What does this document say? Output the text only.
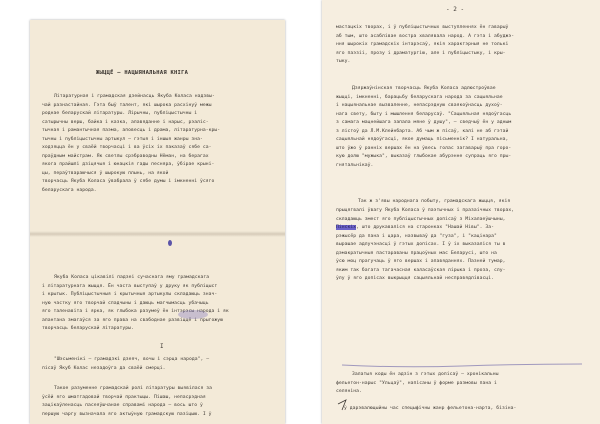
ЖЫЦЦЁ — НАЦЫЯНАЛЬНАЯ КНІГА
Літаратурная і грамадская дзейнасць Якуба Коласа надзвы-
чай разнастайная. Гэта быў талент, які шырока расхінуў межы
роднае беларускай літаратуры. Лірычны, публіцыстычны і
сатырычны верш, байка і казка, апавяданне і нарыс, рэаліс-
тычная і рамантычная паэма, аповесць і драма, літаратурна-кры-
тычны і публіцыстычны артыкул — гэтыя і іншыя жанры зна-
ходзяцца ён у сваёй творчасці і ва ўсіх іх паказаў сябе са-
праўдным майстрам. Як светлы срэбраводны Нёман, на берагах
якога прайшлі дзіцячыя і юнацкія гады песняра, ўбірае крыні-
цы, пераўтвараючыся ў шырокую плынь, на якой
творчасць Якуба Коласа ўвабрала ў сябе думы і імкненні ўсяго
беларускага народа.
Якуба Коласа цікавілі падзеі сучаснага яму грамадскага
і літаратурнага жыцця. Ён часта выступаў у друку як публіцыст
і крытык. Публіцыстычныя і крытычныя артыкулы складаюць знач-
ную частку яго творчай спадчыны і даюць магчымасць убачыць
яго таленавіта і ярка, як глыбока разумеў ён інтэрэсы народа і як
апантана змагаўся за яго права на свабоднае развіццё і прыгожую
творчасць беларускай літаратуры.
I
"Шэсьменікі — грамадзкі дзеяч, вочы і сэрца народа", —
пісаў Якуб Колас незадоўга да сваёй смерці.
Такое разуменне грамадскай ролі літаратуры выявілася за
ўсёй яго шматгадовай творчай практыцы. Пішаш, непасрэдная
зацікаўленасць пасеяўшчанае справамі народа — вось што ў
першую чаргу вызначала яго актыўную грамадскую пазіцыю. І ў
- 2 -
мастацкіх творах, і ў публіцыстычных выступленнях ён гаварыў
аб тым, што асаблівае востра хвалявала народ. А гэта і абуджэ-
ння шырокіх грамадскіх інтарэсаў, якія характэрныя не толькі
яго паэзіі, прозу і драматургію, але і публіцыстыку, і кры-
тыку.
Дзяржаўнінская творчасць Якуба Коласа адлюстроўвае
жыцці, імкненні, барацьбу беларускага народа за сацыяльнае
і нацыянальнае вызваленне, непасрэдную сваякоўнасць духоў-
нага свету, быту і мышлення беларусаў. "Сацыяльная нядоўгасць
з самага мацнейшага запала мяне ў душу", — сведчыў ён у адным
з лістоў да Л.М.Клейнбарта. Аб чым ж пісаў, калі не аб гэтай
сацыяльнай нядоўгасці, якое думаць пісьменнік? І натуральна,
што ўжо ў ранніх вершах ён на ўвесь голас загаварыў пра горо-
кую долю "мужыка", выказаў глыбокае абурэнне супраць яго пры-
гнятальнікаў.
Так ж з'явы народнага побыту, грамадскага жыцця, якія
прыцягвалі ўвагу Якуба Коласа ў паэтычных і празаічных творах,
складаюць змест яго публіцыстычных допісаў з Міхалаеўшчыны,
Пінскіх, што друкаваліся на старонках "Нашай Нівы". За-
рэжысёр да пана і цара, назвываў да "гуза", і "кацінара"
вырашае адлучэнасці ў гэтых допісах. І ў іх выказаліся ты в
дэмакратычныя пастараваны працоўных мас Беларусі, што на
ўсю моц прагучаць ў яго вершах і апавяданнях. Пазней тумар,
яким так багата тагачасная каласаўская лірыка і проза, слу-
ўлу ў яго допісах выкрыцця сацыяльнай несправядлівасці.
Залатыя коды ён адзін з гэтых допісаў — хронікальны
фельетон-нарыс "Ульцаў", напісаны ў форме размовы пана і
селяніна.
ў дарэвалюцыйны час спецыфічны жанр фельетона-нарта, бізіна-
